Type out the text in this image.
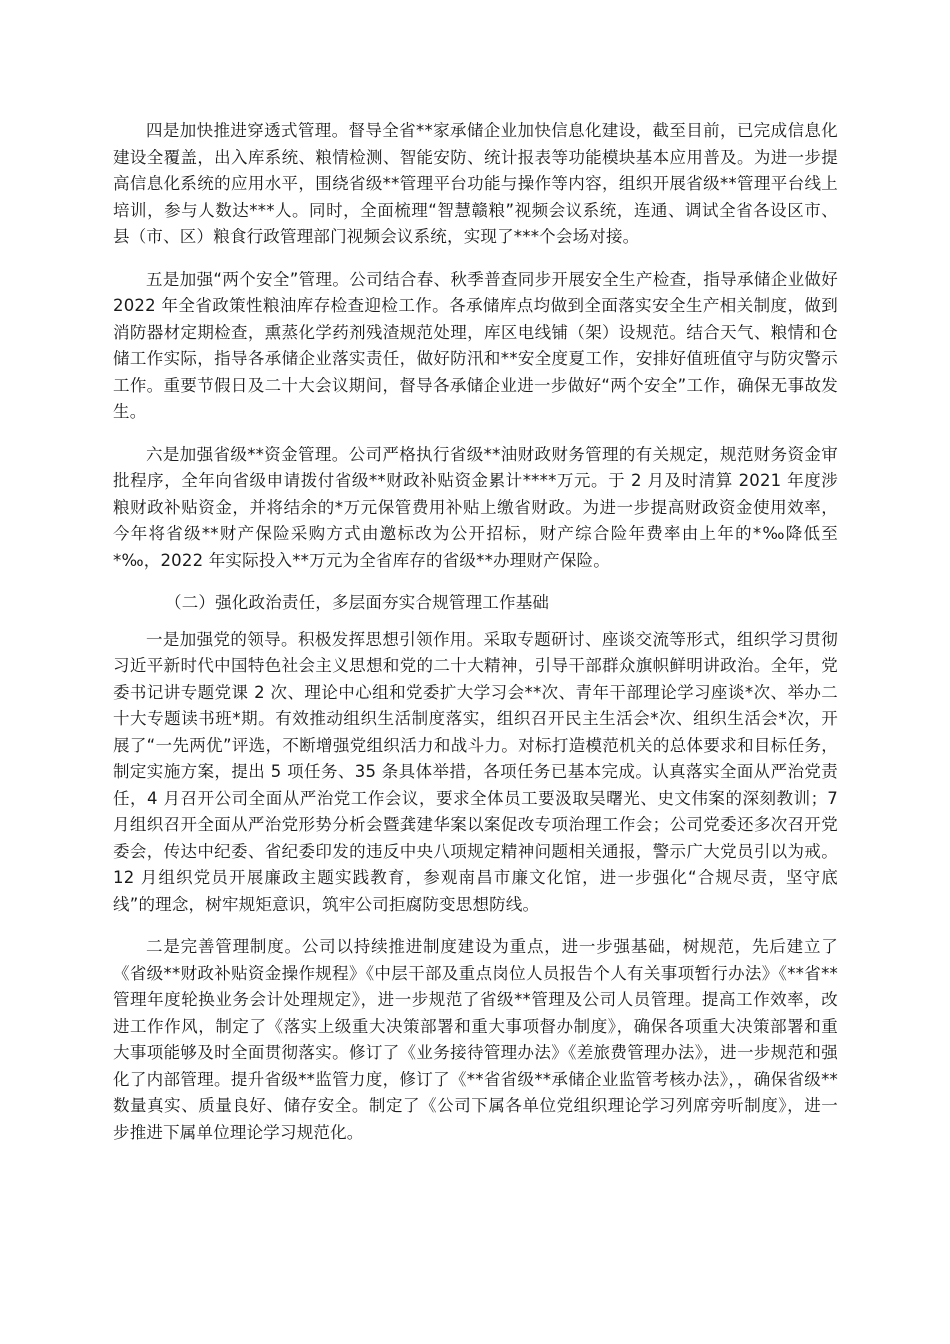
四是加快推进穿透式管理。督导全省**家承储企业加快信息化建设，截至目前，已完成信息化建设全覆盖，出入库系统、粮情检测、智能安防、统计报表等功能模块基本应用普及。为进一步提高信息化系统的应用水平，围绕省级**管理平台功能与操作等内容，组织开展省级**管理平台线上培训，参与人数达***人。同时，全面梳理“智慧赣粮”视频会议系统，连通、调试全省各设区市、县（市、区）粮食行政管理部门视频会议系统，实现了***个会场对接。

五是加强“两个安全”管理。公司结合春、秋季普查同步开展安全生产检查，指导承储企业做好 2022 年全省政策性粮油库存检查迎检工作。各承储库点均做到全面落实安全生产相关制度，做到消防器材定期检查，熏蒸化学药剂残渣规范处理，库区电线铺（架）设规范。结合天气、粮情和仓储工作实际，指导各承储企业落实责任，做好防汛和**安全度夏工作，安排好值班值守与防灾警示工作。重要节假日及二十大会议期间，督导各承储企业进一步做好“两个安全”工作，确保无事故发生。

六是加强省级**资金管理。公司严格执行省级**油财政财务管理的有关规定，规范财务资金审批程序，全年向省级申请拨付省级**财政补贴资金累计****万元。于 2 月及时清算 2021 年度涉粮财政补贴资金，并将结余的*万元保管费用补贴上缴省财政。为进一步提高财政资金使用效率，今年将省级**财产保险采购方式由邀标改为公开招标，财产综合险年费率由上年的*‰降低至*‰，2022 年实际投入**万元为全省库存的省级**办理财产保险。

（二）强化政治责任，多层面夯实合规管理工作基础

一是加强党的领导。积极发挥思想引领作用。采取专题研讨、座谈交流等形式，组织学习贯彻习近平新时代中国特色社会主义思想和党的二十大精神，引导干部群众旗帜鲜明讲政治。全年，党委书记讲专题党课 2 次、理论中心组和党委扩大学习会**次、青年干部理论学习座谈*次、举办二十大专题读书班*期。有效推动组织生活制度落实，组织召开民主生活会*次、组织生活会*次，开展了“一先两优”评选，不断增强党组织活力和战斗力。对标打造模范机关的总体要求和目标任务，制定实施方案，提出 5 项任务、35 条具体举措，各项任务已基本完成。认真落实全面从严治党责任，4 月召开公司全面从严治党工作会议，要求全体员工要汲取吴曙光、史文伟案的深刻教训；7 月组织召开全面从严治党形势分析会暨龚建华案以案促改专项治理工作会；公司党委还多次召开党委会，传达中纪委、省纪委印发的违反中央八项规定精神问题相关通报，警示广大党员引以为戒。12 月组织党员开展廉政主题实践教育，参观南昌市廉文化馆，进一步强化“合规尽责，坚守底线”的理念，树牢规矩意识，筑牢公司拒腐防变思想防线。

二是完善管理制度。公司以持续推进制度建设为重点，进一步强基础，树规范，先后建立了《省级**财政补贴资金操作规程》《中层干部及重点岗位人员报告个人有关事项暂行办法》《**省**管理年度轮换业务会计处理规定》，进一步规范了省级**管理及公司人员管理。提高工作效率，改进工作作风，制定了《落实上级重大决策部署和重大事项督办制度》，确保各项重大决策部署和重大事项能够及时全面贯彻落实。修订了《业务接待管理办法》《差旅费管理办法》，进一步规范和强化了内部管理。提升省级**监管力度，修订了《**省省级**承储企业监管考核办法》，，确保省级**数量真实、质量良好、储存安全。制定了《公司下属各单位党组织理论学习列席旁听制度》，进一步推进下属单位理论学习规范化。
